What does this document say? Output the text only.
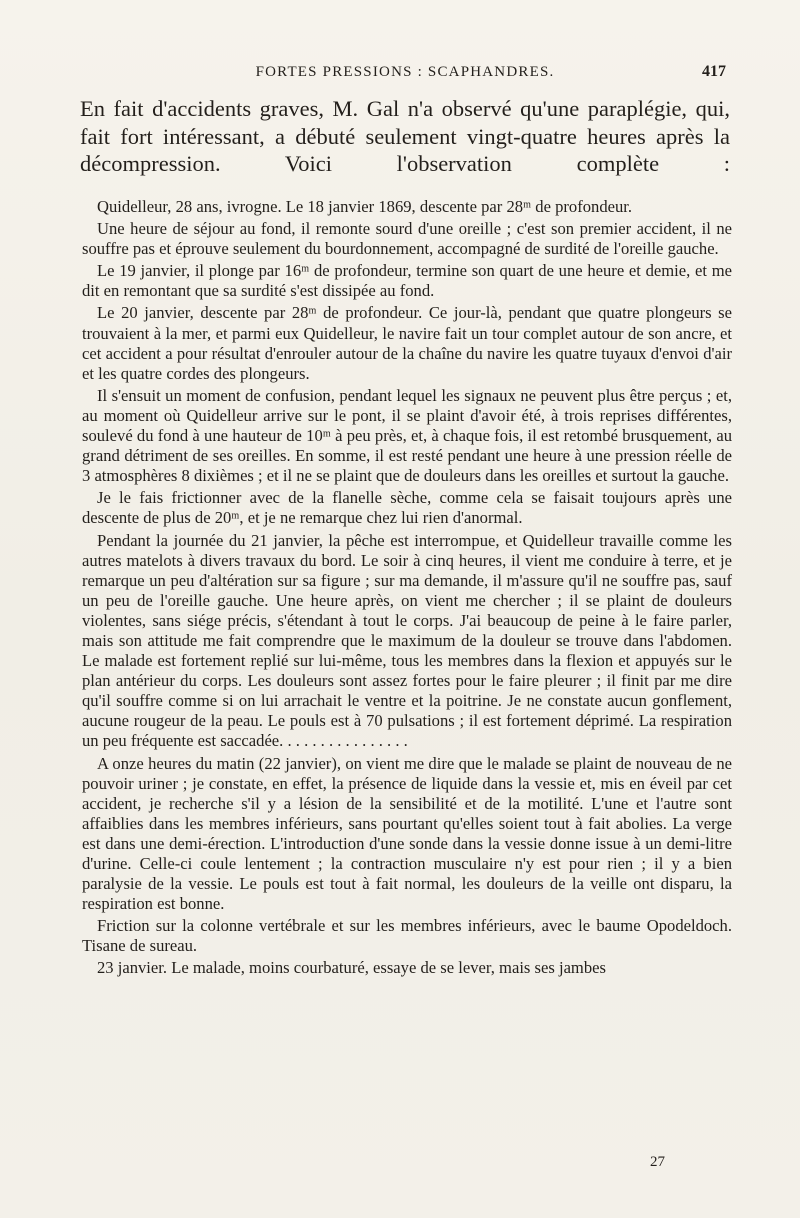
FORTES PRESSIONS : SCAPHANDRES.	417

En fait d'accidents graves, M. Gal n'a observé qu'une paraplégie, qui, fait fort intéressant, a débuté seulement vingt-quatre heures après la décompression. Voici l'observation complète :

Quidelleur, 28 ans, ivrogne. Le 18 janvier 1869, descente par 28ᵐ de profondeur.

Une heure de séjour au fond, il remonte sourd d'une oreille ; c'est son premier accident, il ne souffre pas et éprouve seulement du bourdonnement, accompagné de surdité de l'oreille gauche.

Le 19 janvier, il plonge par 16ᵐ de profondeur, termine son quart de une heure et demie, et me dit en remontant que sa surdité s'est dissipée au fond.

Le 20 janvier, descente par 28ᵐ de profondeur. Ce jour-là, pendant que quatre plongeurs se trouvaient à la mer, et parmi eux Quidelleur, le navire fait un tour complet autour de son ancre, et cet accident a pour résultat d'enrouler autour de la chaîne du navire les quatre tuyaux d'envoi d'air et les quatre cordes des plongeurs.

Il s'ensuit un moment de confusion, pendant lequel les signaux ne peuvent plus être perçus ; et, au moment où Quidelleur arrive sur le pont, il se plaint d'avoir été, à trois reprises différentes, soulevé du fond à une hauteur de 10ᵐ à peu près, et, à chaque fois, il est retombé brusquement, au grand détriment de ses oreilles. En somme, il est resté pendant une heure à une pression réelle de 3 atmosphères 8 dixièmes ; et il ne se plaint que de douleurs dans les oreilles et surtout la gauche.

Je le fais frictionner avec de la flanelle sèche, comme cela se faisait toujours après une descente de plus de 20ᵐ, et je ne remarque chez lui rien d'anormal.

Pendant la journée du 21 janvier, la pêche est interrompue, et Quidelleur travaille comme les autres matelots à divers travaux du bord. Le soir à cinq heures, il vient me conduire à terre, et je remarque un peu d'altération sur sa figure ; sur ma demande, il m'assure qu'il ne souffre pas, sauf un peu de l'oreille gauche. Une heure après, on vient me chercher ; il se plaint de douleurs violentes, sans siége précis, s'étendant à tout le corps. J'ai beaucoup de peine à le faire parler, mais son attitude me fait comprendre que le maximum de la douleur se trouve dans l'abdomen. Le malade est fortement replié sur lui-même, tous les membres dans la flexion et appuyés sur le plan antérieur du corps. Les douleurs sont assez fortes pour le faire pleurer ; il finit par me dire qu'il souffre comme si on lui arrachait le ventre et la poitrine. Je ne constate aucun gonflement, aucune rougeur de la peau. Le pouls est à 70 pulsations ; il est fortement déprimé. La respiration un peu fréquente est saccadée. . . . . . . . . . . . . . . .

A onze heures du matin (22 janvier), on vient me dire que le malade se plaint de nouveau de ne pouvoir uriner ; je constate, en effet, la présence de liquide dans la vessie et, mis en éveil par cet accident, je recherche s'il y a lésion de la sensibilité et de la motilité. L'une et l'autre sont affaiblies dans les membres inférieurs, sans pourtant qu'elles soient tout à fait abolies. La verge est dans une demi-érection. L'introduction d'une sonde dans la vessie donne issue à un demi-litre d'urine. Celle-ci coule lentement ; la contraction musculaire n'y est pour rien ; il y a bien paralysie de la vessie. Le pouls est tout à fait normal, les douleurs de la veille ont disparu, la respiration est bonne.

Friction sur la colonne vertébrale et sur les membres inférieurs, avec le baume Opodeldoch. Tisane de sureau.

23 janvier. Le malade, moins courbaturé, essaye de se lever, mais ses jambes

27
